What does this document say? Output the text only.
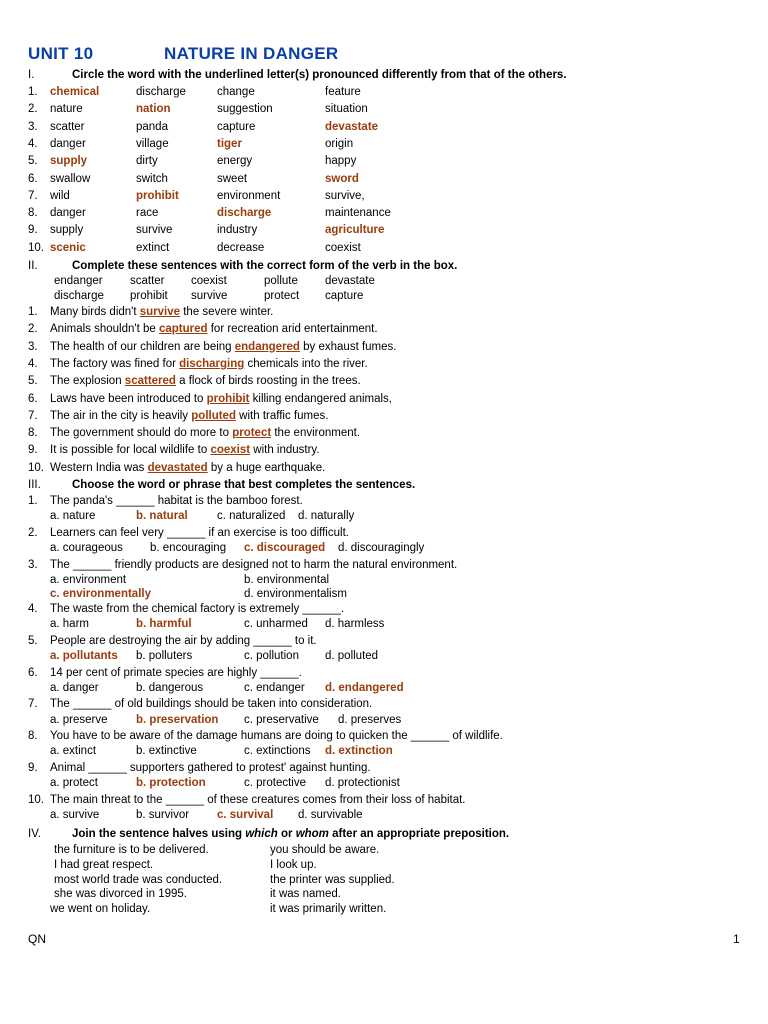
UNIT 10	NATURE IN DANGER
I.	Circle the word with the underlined letter(s) pronounced differently from that of the others.
1. chemical	discharge	change	feature
2. nature	nation	suggestion	situation
3. scatter	panda	capture	devastate
4. danger	village	tiger	origin
5. supply	dirty	energy	happy
6. swallow	switch	sweet	sword
7. wild	prohibit	environment	survive,
8. danger	race	discharge	maintenance
9. supply	survive	industry	agriculture
10. scenic	extinct	decrease	coexist
II.	Complete these sentences with the correct form of the verb in the box.
endanger scatter coexist	pollute devastate
discharge prohibit survive	protect capture
1. Many birds didn't survive the severe winter.
2. Animals shouldn't be captured for recreation arid entertainment.
3. The health of our children are being endangered by exhaust fumes.
4. The factory was fined for discharging chemicals into the river.
5. The explosion scattered a flock of birds roosting in the trees.
6. Laws have been introduced to prohibit killing endangered animals,
7. The air in the city is heavily polluted with traffic fumes.
8. The government should do more to protect the environment.
9. It is possible for local wildlife to coexist with industry.
10. Western India was devastated by a huge earthquake.
III.	Choose the word or phrase that best completes the sentences.
1. The panda's ______ habitat is the bamboo forest.
a. nature	b. natural	c. naturalized d. naturally
2. Learners can feel very ______ if an exercise is too difficult.
a. courageous b. encouraging c. discouraged d. discouragingly
3. The ______ friendly products are designed not to harm the natural environment.
a. environment	b. environmental
c. environmentally	d. environmentalism
4. The waste from the chemical factory is extremely ______.
a. harm	b. harmful	c. unharmed d. harmless
5. People are destroying the air by adding ______ to it.
a. pollutants b. polluters	c. pollution d. polluted
6. 14 per cent of primate species are highly ______.
a. danger	b. dangerous	c. endanger d. endangered
7. The ______ of old buildings should be taken into consideration.
a. preserve b. preservation c. preservative d. preserves
8. You have to be aware of the damage humans are doing to quicken the ______ of wildlife.
a. extinct	b. extinctive	c. extinctions d. extinction
9. Animal ______ supporters gathered to protest' against hunting.
a. protect	b. protection	c. protective d. protectionist
10. The main threat to the ______ of these creatures comes from their loss of habitat.
a. survive	b. survivor c. survival d. survivable
IV.	Join the sentence halves using which or whom after an appropriate preposition.
the furniture is to be delivered.	you should be aware.
I had great respect.	I look up.
most world trade was conducted.	the printer was supplied.
she was divorced in 1995.	it was named.
we went on holiday.	it was primarily written.
QN	1
